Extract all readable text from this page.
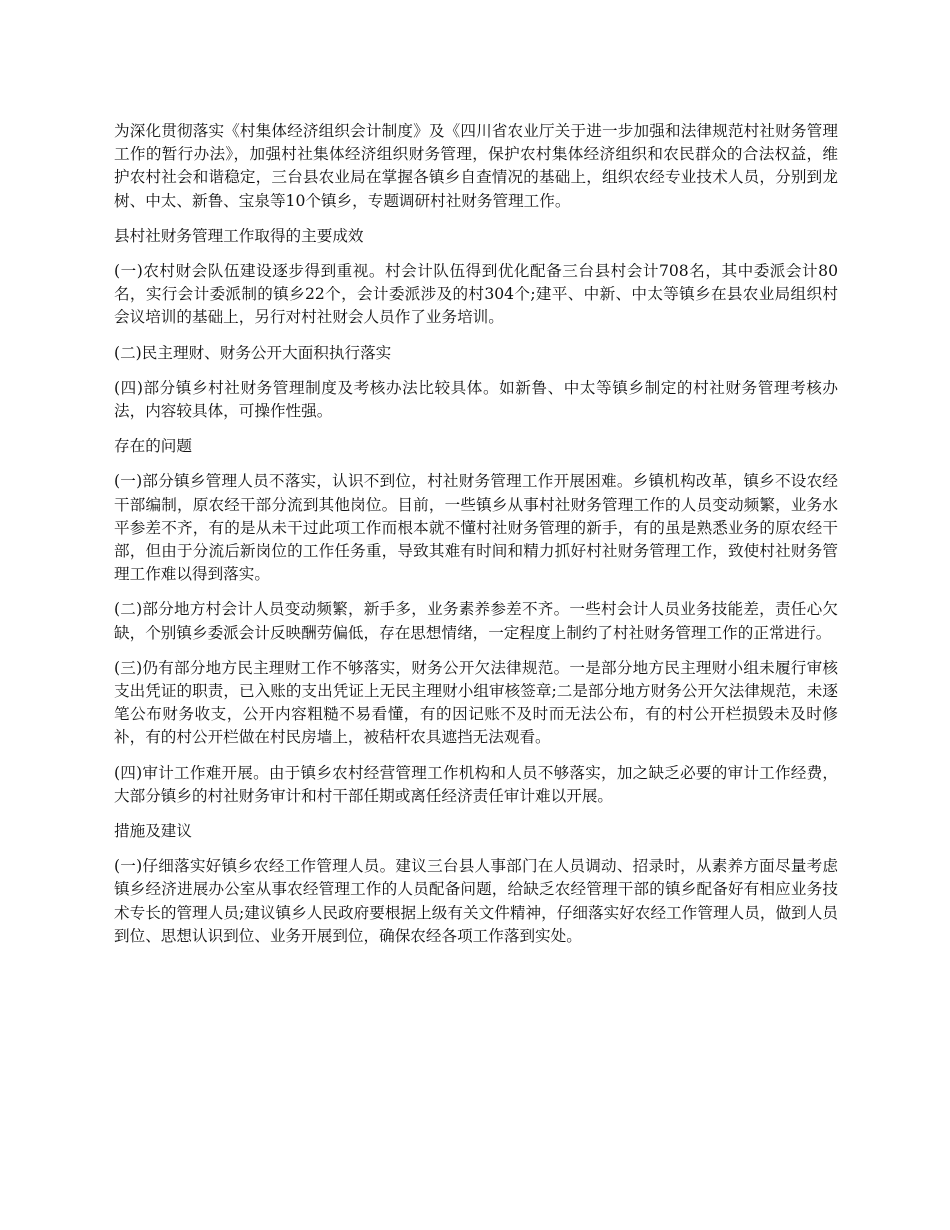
为深化贯彻落实《村集体经济组织会计制度》及《四川省农业厅关于进一步加强和法律规范村社财务管理工作的暂行办法》，加强村社集体经济组织财务管理，保护农村集体经济组织和农民群众的合法权益，维护农村社会和谐稳定，三台县农业局在掌握各镇乡自查情况的基础上，组织农经专业技术人员，分别到龙树、中太、新鲁、宝泉等10个镇乡，专题调研村社财务管理工作。

县村社财务管理工作取得的主要成效

(一)农村财会队伍建设逐步得到重视。村会计队伍得到优化配备三台县村会计708名，其中委派会计80名，实行会计委派制的镇乡22个，会计委派涉及的村304个;建平、中新、中太等镇乡在县农业局组织村会议培训的基础上，另行对村社财会人员作了业务培训。

(二)民主理财、财务公开大面积执行落实

(四)部分镇乡村社财务管理制度及考核办法比较具体。如新鲁、中太等镇乡制定的村社财务管理考核办法，内容较具体，可操作性强。

存在的问题

(一)部分镇乡管理人员不落实，认识不到位，村社财务管理工作开展困难。乡镇机构改革，镇乡不设农经干部编制，原农经干部分流到其他岗位。目前，一些镇乡从事村社财务管理工作的人员变动频繁，业务水平参差不齐，有的是从未干过此项工作而根本就不懂村社财务管理的新手，有的虽是熟悉业务的原农经干部，但由于分流后新岗位的工作任务重，导致其难有时间和精力抓好村社财务管理工作，致使村社财务管理工作难以得到落实。

(二)部分地方村会计人员变动频繁，新手多，业务素养参差不齐。一些村会计人员业务技能差，责任心欠缺，个别镇乡委派会计反映酬劳偏低，存在思想情绪，一定程度上制约了村社财务管理工作的正常进行。

(三)仍有部分地方民主理财工作不够落实，财务公开欠法律规范。一是部分地方民主理财小组未履行审核支出凭证的职责，已入账的支出凭证上无民主理财小组审核签章;二是部分地方财务公开欠法律规范，未逐笔公布财务收支，公开内容粗糙不易看懂，有的因记账不及时而无法公布，有的村公开栏损毁未及时修补，有的村公开栏做在村民房墙上，被秸杆农具遮挡无法观看。

(四)审计工作难开展。由于镇乡农村经营管理工作机构和人员不够落实，加之缺乏必要的审计工作经费，大部分镇乡的村社财务审计和村干部任期或离任经济责任审计难以开展。

措施及建议

(一)仔细落实好镇乡农经工作管理人员。建议三台县人事部门在人员调动、招录时，从素养方面尽量考虑镇乡经济进展办公室从事农经管理工作的人员配备问题，给缺乏农经管理干部的镇乡配备好有相应业务技术专长的管理人员;建议镇乡人民政府要根据上级有关文件精神，仔细落实好农经工作管理人员，做到人员到位、思想认识到位、业务开展到位，确保农经各项工作落到实处。
